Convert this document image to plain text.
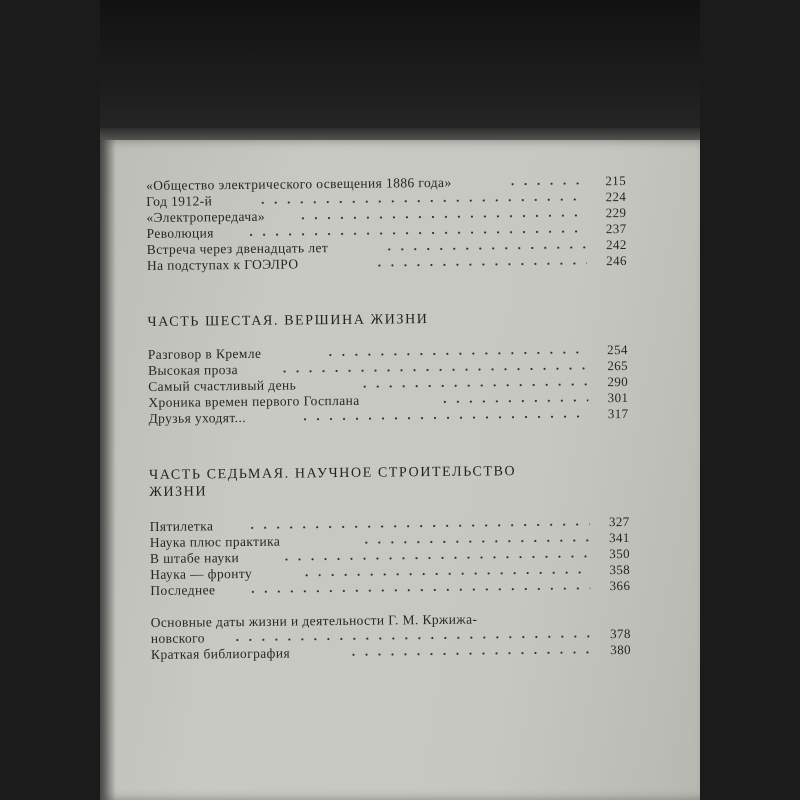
«Общество электрического освещения 1886 года»	215
Год 1912-й	224
«Электропередача»	229
Революция	237
Встреча через двенадцать лет	242
На подступах к ГОЭЛРО	246
ЧАСТЬ ШЕСТАЯ. ВЕРШИНА ЖИЗНИ
Разговор в Кремле	254
Высокая проза	265
Самый счастливый день	290
Хроника времен первого Госплана	301
Друзья уходят...	317
ЧАСТЬ СЕДЬМАЯ. НАУЧНОЕ СТРОИТЕЛЬСТВО
ЖИЗНИ
Пятилетка	327
Наука плюс практика	341
В штабе науки	350
Наука — фронту	358
Последнее	366
Основные даты жизни и деятельности Г. М. Кржижа-
новского	378
Краткая библиография	380
